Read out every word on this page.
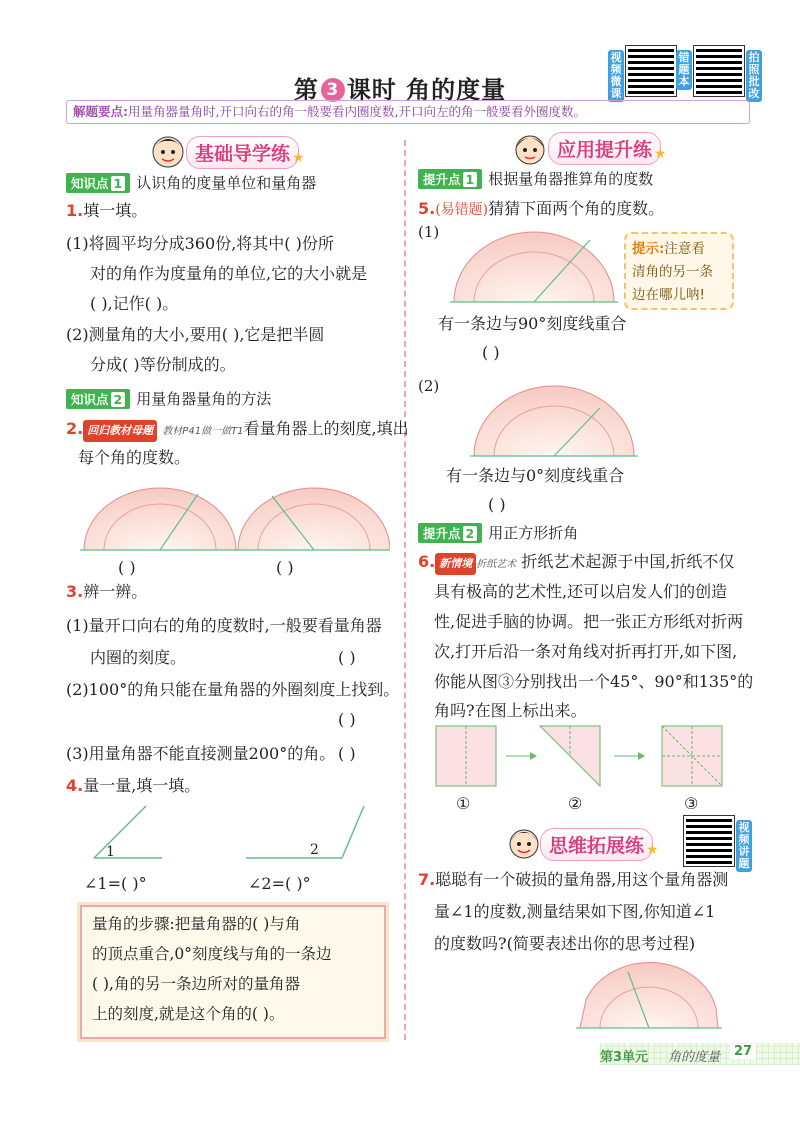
第 3 课时 角的度量
视频微课
错题本
拍照批改
解题要点:用量角器量角时,开口向右的角一般要看内圈度数,开口向左的角一般要看外圈度数。
基础导学练 ★
知识点 1 认识角的度量单位和量角器
1.填一填。
(1)将圆平均分成360份,将其中( )份所
对的角作为度量角的单位,它的大小就是
( ),记作( )。
(2)测量角的大小,要用( ),它是把半圆
分成( )等份制成的。
知识点 2 用量角器量角的方法
2. 回归教材母题 教材P41做一做T1看量角器上的刻度,填出
每个角的度数。
( )	( )
3.辨一辨。
(1)量开口向右的角的度数时,一般要看量角器
内圈的刻度。	( )
(2)100°的角只能在量角器的外圈刻度上找到。
( )
(3)用量角器不能直接测量200°的角。 ( )
4.量一量,填一填。
1	2
∠1=( )°	∠2=( )°
量角的步骤:把量角器的( )与角
的顶点重合,0°刻度线与角的一条边
( ),角的另一条边所对的量角器
上的刻度,就是这个角的( )。
应用提升练 ★
提升点 1 根据量角器推算角的度数
5.(易错题)猜猜下面两个角的度数。
(1)
提示:注意看
清角的另一条
边在哪儿呐!
有一条边与90°刻度线重合
( )
(2)
有一条边与0°刻度线重合
( )
提升点 2 用正方形折角
6. 新情境 折纸艺术 折纸艺术起源于中国,折纸不仅
具有极高的艺术性,还可以启发人们的创造
性,促进手脑的协调。把一张正方形纸对折两
次,打开后沿一条对角线对折再打开,如下图,
你能从图③分别找出一个45°、90°和135°的
角吗?在图上标出来。
①	②	③
思维拓展练 ★
视频讲题
7.聪聪有一个破损的量角器,用这个量角器测
量∠1的度数,测量结果如下图,你知道∠1
的度数吗?(简要表述出你的思考过程)
第3单元 角的度量	27
